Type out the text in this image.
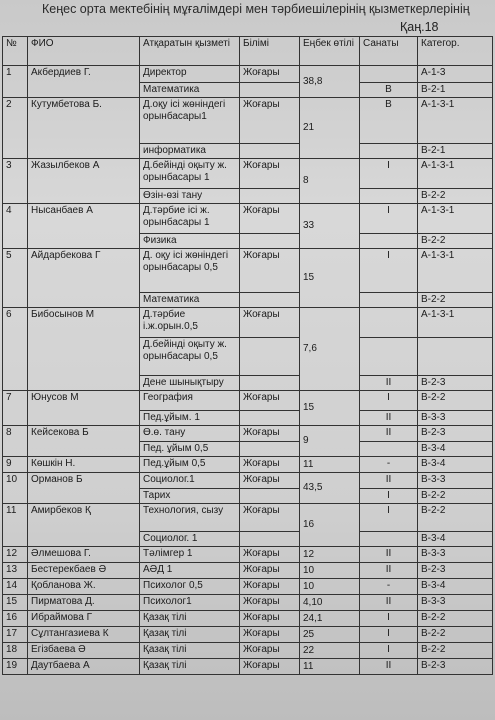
Кеңес орта мектебінің мұғалімдері мен тәрбиешілерінің қызметкерлерінің
Қаң.18
№	ФИО	Атқаратын қызметі	Білімі	Еңбек өтілі	Санаты	Категор.
1	Акбердиев Г.	Директор	Жоғары	38,8		А-1-3
		Математика			В	В-2-1
2	Кутумбетова Б.	Д.оқу ісі жөніндегі орынбасары1	Жоғары	21	В	А-1-3-1
		информатика				В-2-1
3	Жазылбеков А	Д.бейінді оқыту ж. орынбасары 1	Жоғары	8	I	А-1-3-1
		Өзін-өзі тану				В-2-2
4	Нысанбаев А	Д.тәрбие ісі ж. орынбасары 1	Жоғары	33	I	А-1-3-1
		Физика				В-2-2
5	Айдарбекова Г	Д. оқу ісі жөніндегі орынбасары 0,5	Жоғары	15	I	А-1-3-1
		Математика				В-2-2
6	Бибосынов М	Д.тәрбие і.ж.орын.0,5	Жоғары	7,6		А-1-3-1
		Д.бейінді оқыту ж. орынбасары 0,5				
		Дене шынықтыру			II	В-2-3
7	Юнусов М	География	Жоғары	15	I	В-2-2
		Пед.ұйым. 1			II	В-3-3
8	Кейсекова Б	Ө.ө. тану	Жоғары	9	II	В-2-3
		Пед. ұйым 0,5				В-3-4
9	Көшкін Н.	Пед.ұйым 0,5	Жоғары	11	-	В-3-4
10	Орманов Б	Социолог.1	Жоғары	43,5	II	В-3-3
		Тарих			I	В-2-2
11	Амирбеков Қ	Технология, сызу	Жоғары	16	I	В-2-2
		Социолог. 1				В-3-4
12	Әлмешова Г.	Тәлімгер 1	Жоғары	12	II	В-3-3
13	Бестерекбаев Ә	АӘД 1	Жоғары	10	II	В-2-3
14	Қобланова Ж.	Психолог 0,5	Жоғары	10	-	В-3-4
15	Пирматова Д.	Психолог1	Жоғары	4,10	II	В-3-3
16	Ибраймова Г	Қазақ тілі	Жоғары	24,1	I	В-2-2
17	Сұлтангазиева К	Қазақ тілі	Жоғары	25	I	В-2-2
18	Егізбаева Ә	Қазақ тілі	Жоғары	22	I	В-2-2
19	Даутбаева А	Қазақ тілі	Жоғары	11	II	В-2-3
